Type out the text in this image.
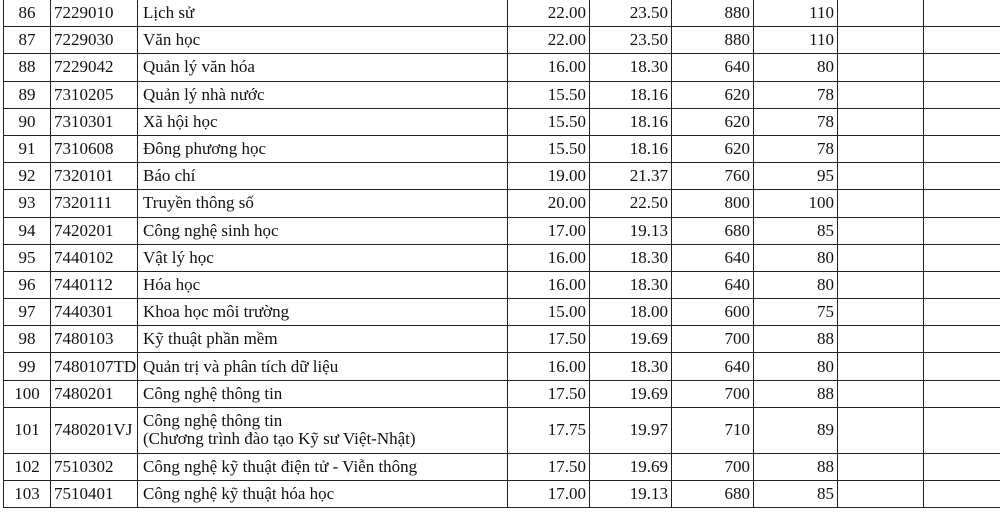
86	7229010	Lịch sử	22.00	23.50	880	110		
87	7229030	Văn học	22.00	23.50	880	110		
88	7229042	Quản lý văn hóa	16.00	18.30	640	80		
89	7310205	Quản lý nhà nước	15.50	18.16	620	78		
90	7310301	Xã hội học	15.50	18.16	620	78		
91	7310608	Đông phương học	15.50	18.16	620	78		
92	7320101	Báo chí	19.00	21.37	760	95		
93	7320111	Truyền thông số	20.00	22.50	800	100		
94	7420201	Công nghệ sinh học	17.00	19.13	680	85		
95	7440102	Vật lý học	16.00	18.30	640	80		
96	7440112	Hóa học	16.00	18.30	640	80		
97	7440301	Khoa học môi trường	15.00	18.00	600	75		
98	7480103	Kỹ thuật phần mềm	17.50	19.69	700	88		
99	7480107TD	Quản trị và phân tích dữ liệu	16.00	18.30	640	80		
100	7480201	Công nghệ thông tin	17.50	19.69	700	88		
101	7480201VJ	Công nghệ thông tin
(Chương trình đào tạo Kỹ sư Việt-Nhật)	17.75	19.97	710	89		
102	7510302	Công nghệ kỹ thuật điện tử - Viễn thông	17.50	19.69	700	88		
103	7510401	Công nghệ kỹ thuật hóa học	17.00	19.13	680	85		
